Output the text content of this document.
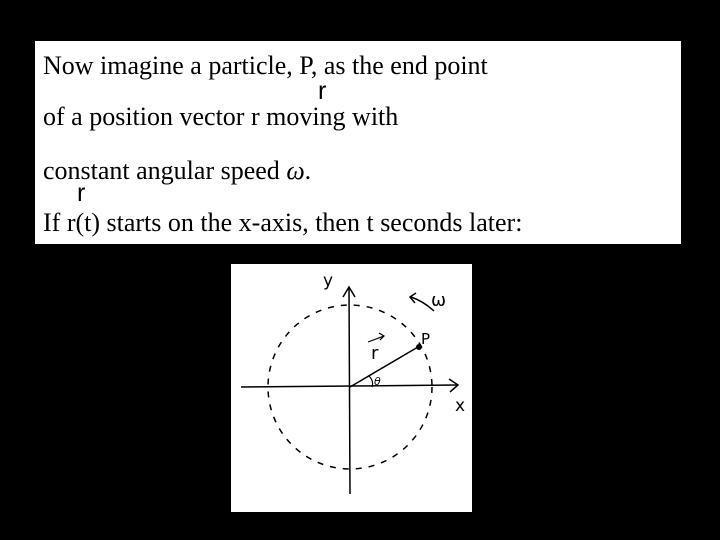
Now imagine a particle, P, as the end point
of a position vector r moving with
constant angular speed ω.
If r(t) starts on the x-axis, then t seconds later:
r
r
y
x
P
r
θ
ω
